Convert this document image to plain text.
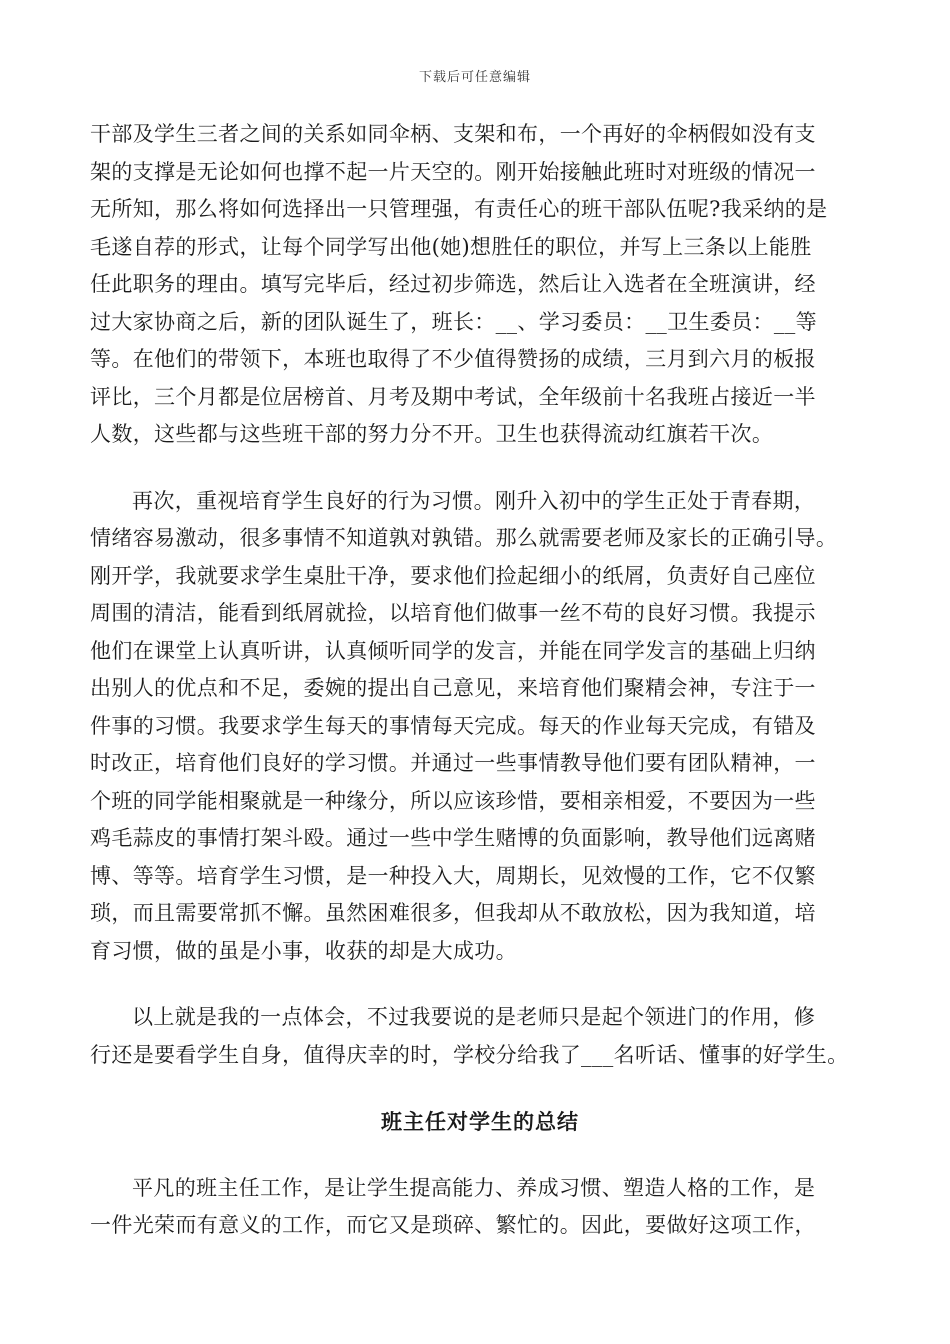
下载后可任意编辑
干部及学生三者之间的关系如同伞柄、支架和布，一个再好的伞柄假如没有支
架的支撑是无论如何也撑不起一片天空的。刚开始接触此班时对班级的情况一
无所知，那么将如何选择出一只管理强，有责任心的班干部队伍呢?我采纳的是
毛遂自荐的形式，让每个同学写出他(她)想胜任的职位，并写上三条以上能胜
任此职务的理由。填写完毕后，经过初步筛选，然后让入选者在全班演讲，经
过大家协商之后，新的团队诞生了，班长：__、学习委员：__卫生委员：__等
等。在他们的带领下，本班也取得了不少值得赞扬的成绩，三月到六月的板报
评比，三个月都是位居榜首、月考及期中考试，全年级前十名我班占接近一半
人数，这些都与这些班干部的努力分不开。卫生也获得流动红旗若干次。
再次，重视培育学生良好的行为习惯。刚升入初中的学生正处于青春期，
情绪容易激动，很多事情不知道孰对孰错。那么就需要老师及家长的正确引导。
刚开学，我就要求学生桌肚干净，要求他们捡起细小的纸屑，负责好自己座位
周围的清洁，能看到纸屑就捡，以培育他们做事一丝不苟的良好习惯。我提示
他们在课堂上认真听讲，认真倾听同学的发言，并能在同学发言的基础上归纳
出别人的优点和不足，委婉的提出自己意见，来培育他们聚精会神，专注于一
件事的习惯。我要求学生每天的事情每天完成。每天的作业每天完成，有错及
时改正，培育他们良好的学习惯。并通过一些事情教导他们要有团队精神，一
个班的同学能相聚就是一种缘分，所以应该珍惜，要相亲相爱，不要因为一些
鸡毛蒜皮的事情打架斗殴。通过一些中学生赌博的负面影响，教导他们远离赌
博、等等。培育学生习惯，是一种投入大，周期长，见效慢的工作，它不仅繁
琐，而且需要常抓不懈。虽然困难很多，但我却从不敢放松，因为我知道，培
育习惯，做的虽是小事，收获的却是大成功。
以上就是我的一点体会，不过我要说的是老师只是起个领进门的作用，修
行还是要看学生自身，值得庆幸的时，学校分给我了___名听话、懂事的好学生。
班主任对学生的总结
平凡的班主任工作，是让学生提高能力、养成习惯、塑造人格的工作，是
一件光荣而有意义的工作，而它又是琐碎、繁忙的。因此，要做好这项工作，
